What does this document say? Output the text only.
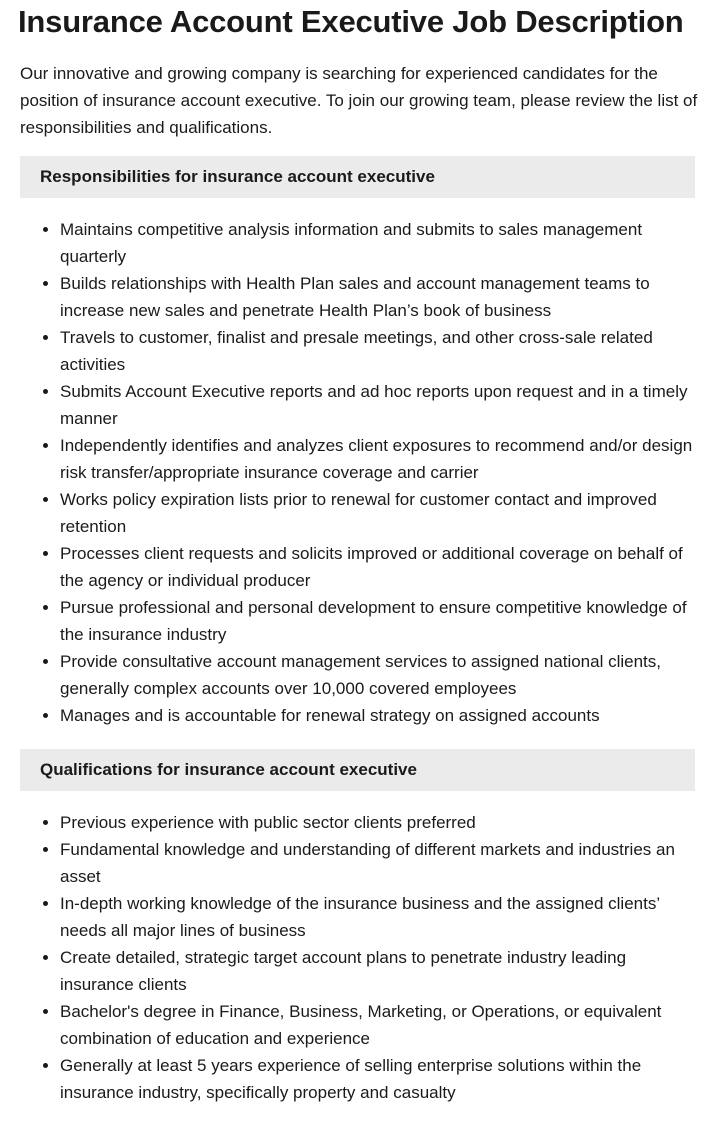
Insurance Account Executive Job Description

Our innovative and growing company is searching for experienced candidates for the position of insurance account executive. To join our growing team, please review the list of responsibilities and qualifications.

Responsibilities for insurance account executive
• Maintains competitive analysis information and submits to sales management quarterly
• Builds relationships with Health Plan sales and account management teams to increase new sales and penetrate Health Plan’s book of business
• Travels to customer, finalist and presale meetings, and other cross-sale related activities
• Submits Account Executive reports and ad hoc reports upon request and in a timely manner
• Independently identifies and analyzes client exposures to recommend and/or design risk transfer/appropriate insurance coverage and carrier
• Works policy expiration lists prior to renewal for customer contact and improved retention
• Processes client requests and solicits improved or additional coverage on behalf of the agency or individual producer
• Pursue professional and personal development to ensure competitive knowledge of the insurance industry
• Provide consultative account management services to assigned national clients, generally complex accounts over 10,000 covered employees
• Manages and is accountable for renewal strategy on assigned accounts
Qualifications for insurance account executive
• Previous experience with public sector clients preferred
• Fundamental knowledge and understanding of different markets and industries an asset
• In-depth working knowledge of the insurance business and the assigned clients’ needs all major lines of business
• Create detailed, strategic target account plans to penetrate industry leading insurance clients
• Bachelor's degree in Finance, Business, Marketing, or Operations, or equivalent combination of education and experience
• Generally at least 5 years experience of selling enterprise solutions within the insurance industry, specifically property and casualty
